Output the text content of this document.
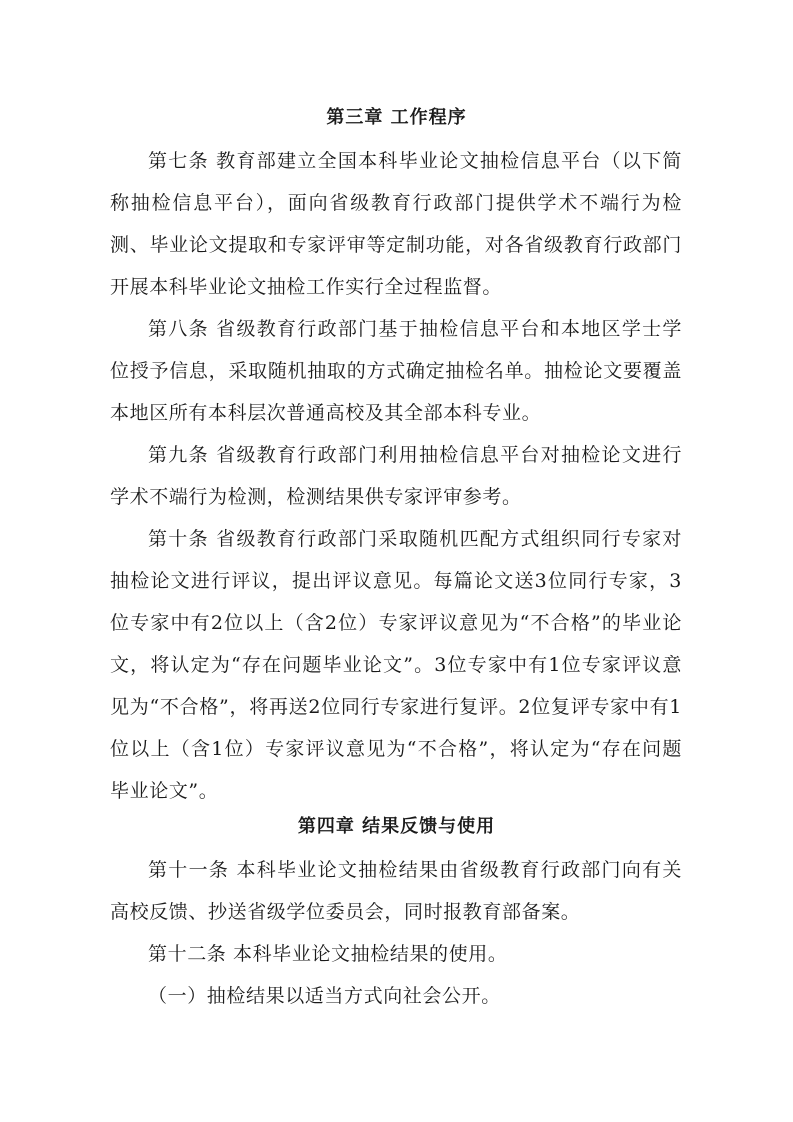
第三章 工作程序

第七条 教育部建立全国本科毕业论文抽检信息平台（以下简称抽检信息平台），面向省级教育行政部门提供学术不端行为检测、毕业论文提取和专家评审等定制功能，对各省级教育行政部门开展本科毕业论文抽检工作实行全过程监督。

第八条 省级教育行政部门基于抽检信息平台和本地区学士学位授予信息，采取随机抽取的方式确定抽检名单。抽检论文要覆盖本地区所有本科层次普通高校及其全部本科专业。

第九条 省级教育行政部门利用抽检信息平台对抽检论文进行学术不端行为检测，检测结果供专家评审参考。

第十条 省级教育行政部门采取随机匹配方式组织同行专家对抽检论文进行评议，提出评议意见。每篇论文送3位同行专家，3位专家中有2位以上（含2位）专家评议意见为“不合格”的毕业论文，将认定为“存在问题毕业论文”。3位专家中有1位专家评议意见为“不合格”，将再送2位同行专家进行复评。2位复评专家中有1位以上（含1位）专家评议意见为“不合格”，将认定为“存在问题毕业论文”。

第四章 结果反馈与使用

第十一条 本科毕业论文抽检结果由省级教育行政部门向有关高校反馈、抄送省级学位委员会，同时报教育部备案。

第十二条 本科毕业论文抽检结果的使用。

（一）抽检结果以适当方式向社会公开。
